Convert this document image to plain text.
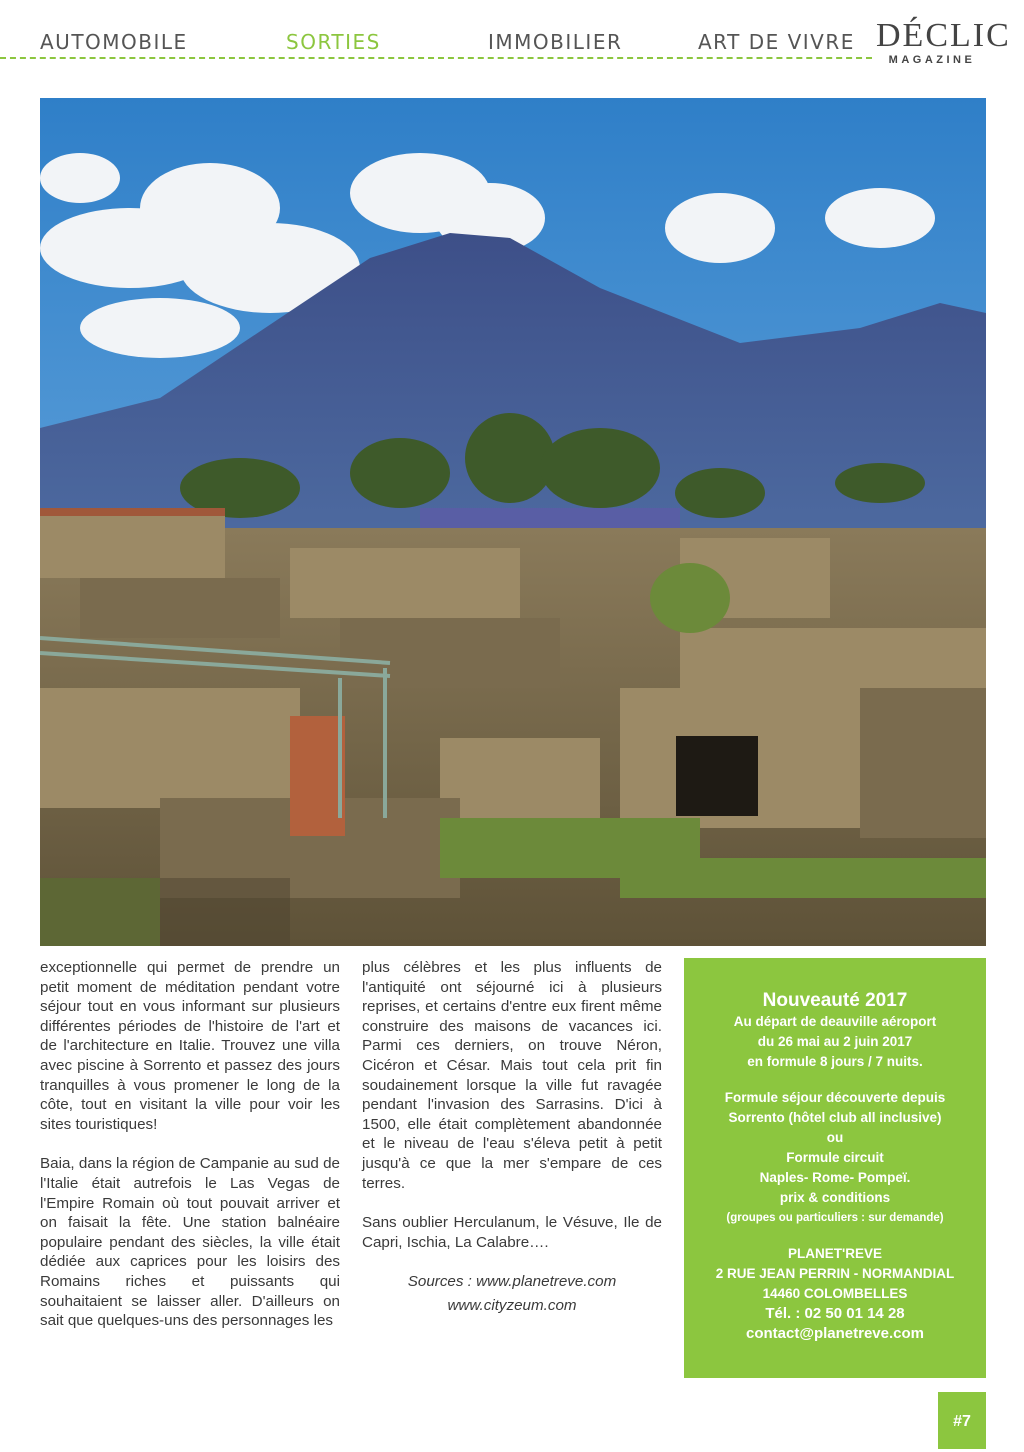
AUTOMOBILE	SORTIES	IMMOBILIER	ART DE VIVRE DÉCLIC
MAGAZINE

exceptionnelle qui permet de prendre un petit moment de méditation pendant votre séjour tout en vous informant sur plusieurs différentes périodes de l'histoire de l'art et de l'architecture en Italie. Trouvez une villa avec piscine à Sorrento et passez des jours tranquilles à vous promener le long de la côte, tout en visitant la ville pour voir les sites touristiques!

Baia, dans la région de Campanie au sud de l'Italie était autrefois le Las Vegas de l'Empire Romain où tout pouvait arriver et on faisait la fête. Une station balnéaire populaire pendant des siècles, la ville était dédiée aux caprices pour les loisirs des Romains riches et puissants qui souhaitaient se laisser aller. D'ailleurs on sait que quelques-uns des personnages les

plus célèbres et les plus influents de l'antiquité ont séjourné ici à plusieurs reprises, et certains d'entre eux firent même construire des maisons de vacances ici. Parmi ces derniers, on trouve Néron, Cicéron et César. Mais tout cela prit fin soudainement lorsque la ville fut ravagée pendant l'invasion des Sarrasins. D'ici à 1500, elle était complètement abandonnée et le niveau de l'eau s'éleva petit à petit jusqu'à ce que la mer s'empare de ces terres.

Sans oublier Herculanum, le Vésuve, Ile de Capri, Ischia, La Calabre….

Sources : www.planetreve.com
www.cityzeum.com
Nouveauté 2017
Au départ de deauville aéroport
du 26 mai au 2 juin 2017
en formule 8 jours / 7 nuits.
Formule séjour découverte depuis
Sorrento (hôtel club all inclusive)
ou
Formule circuit
Naples- Rome- Pompeï.
prix & conditions
(groupes ou particuliers : sur demande)
PLANET'REVE
2 RUE JEAN PERRIN - NORMANDIAL
14460 COLOMBELLES
Tél. : 02 50 01 14 28
contact@planetreve.com
#7
